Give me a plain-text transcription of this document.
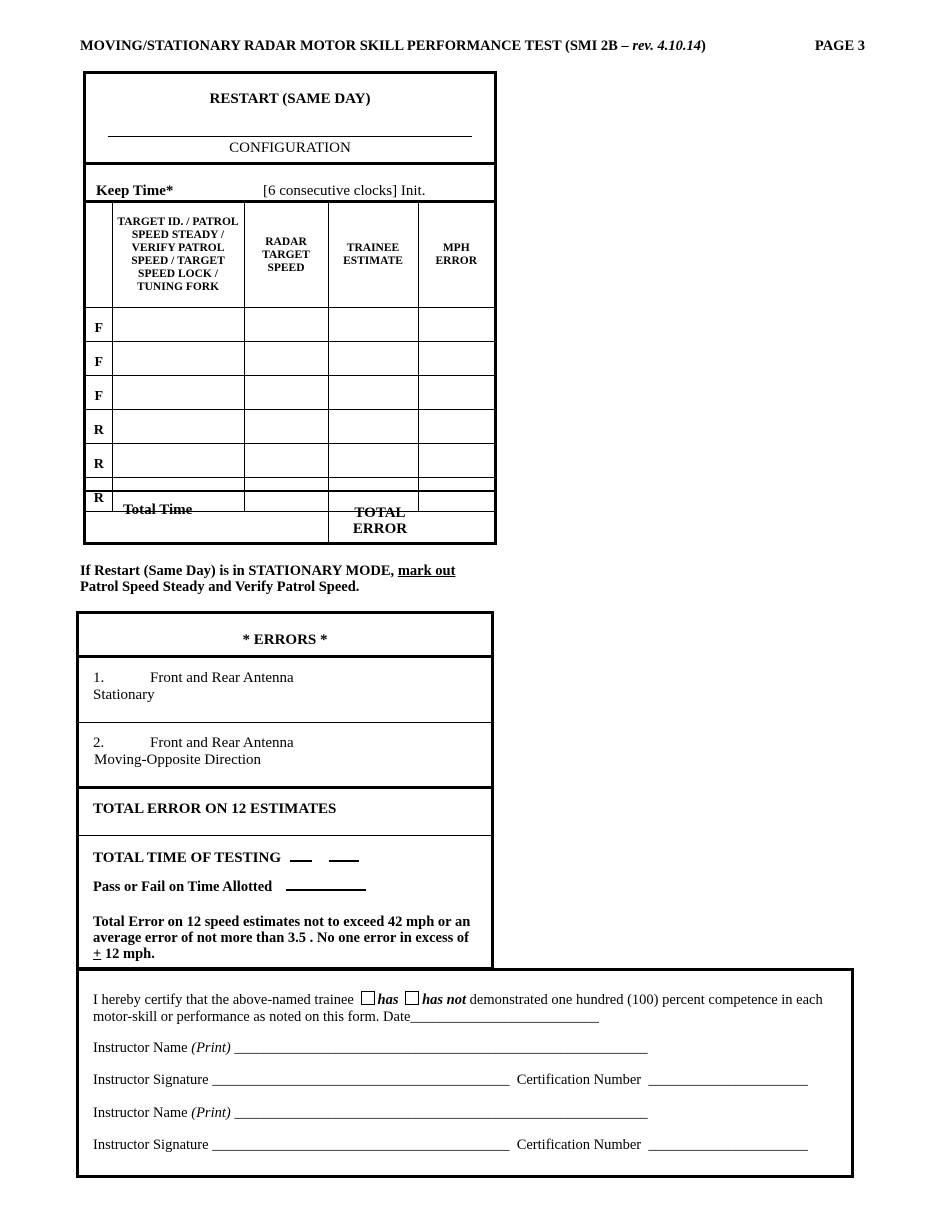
MOVING/STATIONARY RADAR MOTOR SKILL PERFORMANCE TEST (SMI 2B – rev. 4.10.14)	PAGE 3
RESTART (SAME DAY)
CONFIGURATION
Keep Time*	[6 consecutive clocks] Init.
	TARGET ID. / PATROL SPEED STEADY / VERIFY PATROL SPEED / TARGET SPEED LOCK / TUNING FORK	RADAR TARGET SPEED	TRAINEE ESTIMATE	MPH ERROR
F				
F				
F				
R				
R				
R				
Total Time	TOTAL ERROR
If Restart (Same Day) is in STATIONARY MODE, mark out
Patrol Speed Steady and Verify Patrol Speed.
* ERRORS *
1.	Front and Rear Antenna
Stationary
2.	Front and Rear Antenna
Moving-Opposite Direction
TOTAL ERROR ON 12 ESTIMATES
TOTAL TIME OF TESTING
Pass or Fail on Time Allotted
Total Error on 12 speed estimates not to exceed 42 mph or an average error of not more than 3.5 . No one error in excess of + 12 mph.
I hereby certify that the above-named trainee has has not demonstrated one hundred (100) percent competence in each motor-skill or performance as noted on this form. Date__________________________
Instructor Name (Print) _________________________________________________________
Instructor Signature _________________________________________  Certification Number  ______________________
Instructor Name (Print) _________________________________________________________
Instructor Signature _________________________________________  Certification Number  ______________________
